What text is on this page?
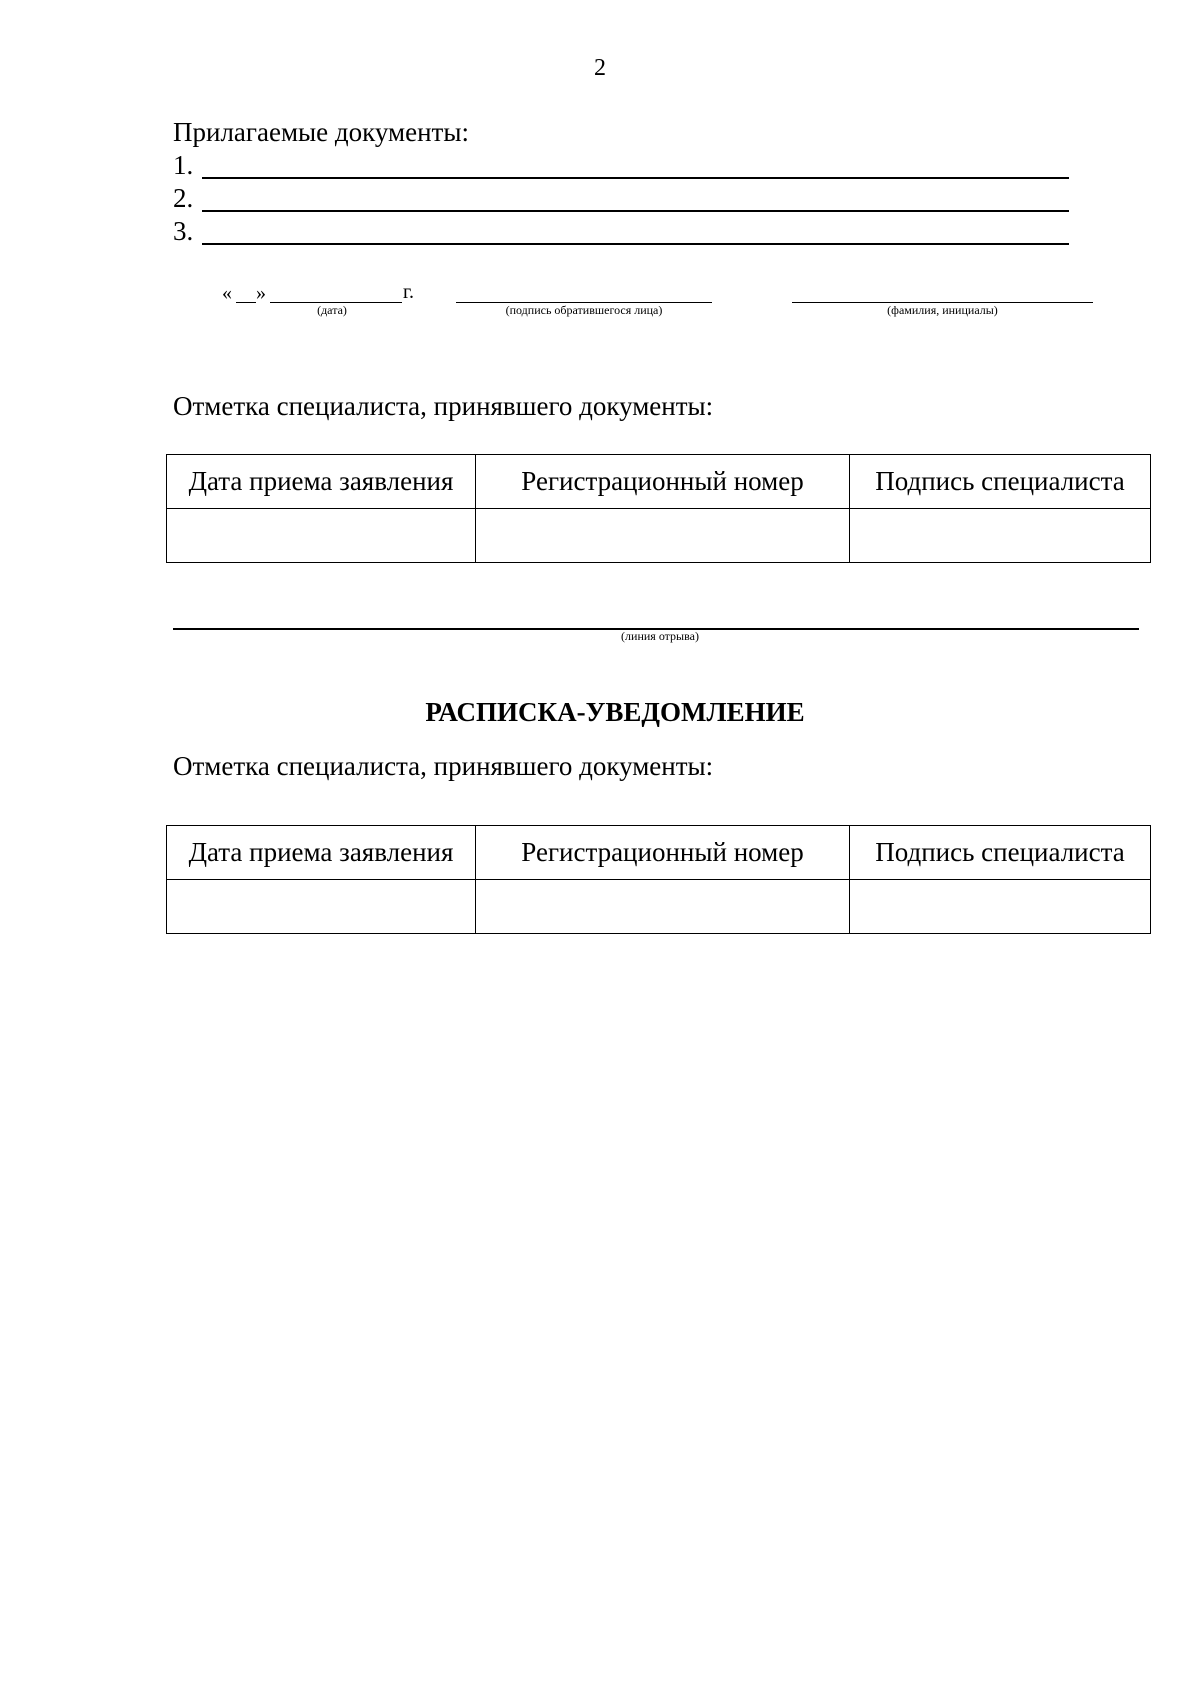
2
Прилагаемые документы:
1.
2.
3.
« »	г.
(дата)	(подпись обратившегося лица)	(фамилия, инициалы)
Отметка специалиста, принявшего документы:
Дата приема заявления	Регистрационный номер	Подпись специалиста

(линия отрыва)
РАСПИСКА-УВЕДОМЛЕНИЕ
Отметка специалиста, принявшего документы:
Дата приема заявления	Регистрационный номер	Подпись специалиста
